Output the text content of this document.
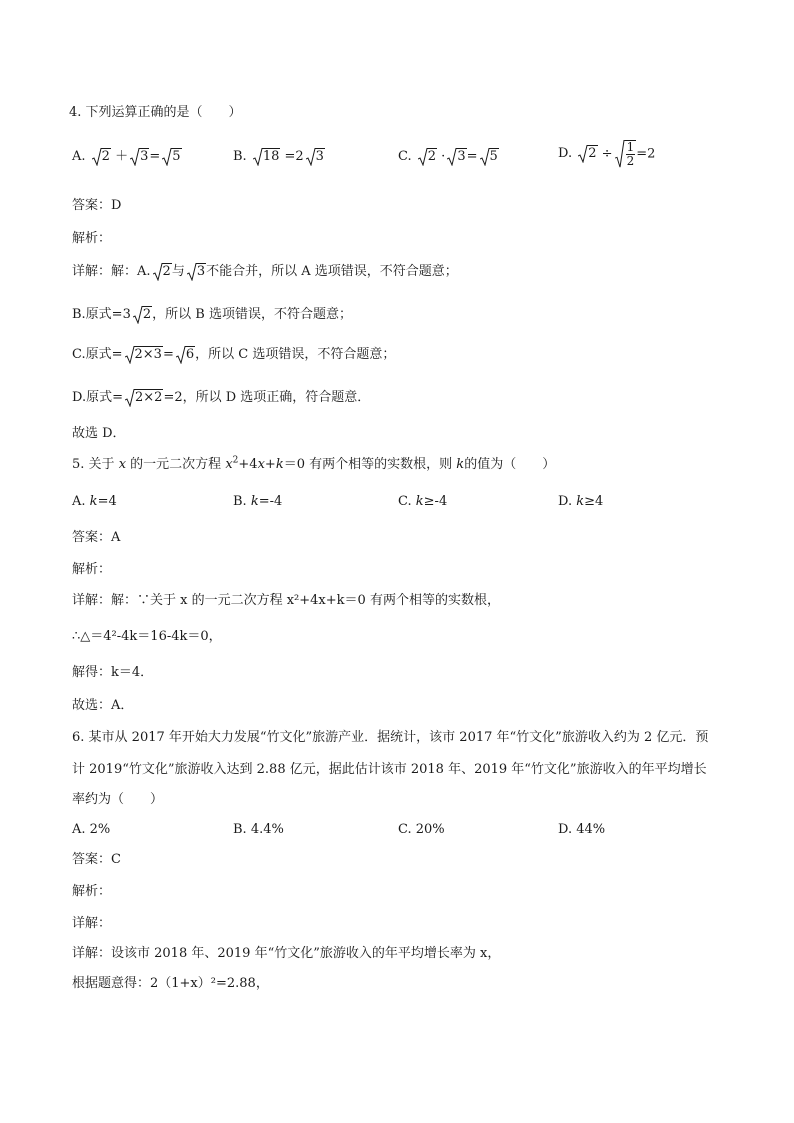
4. 下列运算正确的是（　　）
A. 2 ＋ 3= 5	B. 18 =2 3	C. 2 · 3= 5	D. $2 \div \frac{1}{2} =2$
答案：D
解析：
详解：解：A. 2与 3不能合并，所以 A 选项错误，不符合题意；
B.原式=3 2，所以 B 选项错误，不符合题意；
C.原式= 2×3= 6，所以 C 选项错误，不符合题意；
D.原式= 2×2=2，所以 D 选项正确，符合题意．
故选 D．
5. 关于 x 的一元二次方程 $x^2+4x+k=0$ 有两个相等的实数根，则 k的值为（　　）
A. k=4	B. k=-4	C. k≥-4	D. k≥4
答案：A
解析：
详解：解：∵关于 x 的一元二次方程 x²+4x+k＝0 有两个相等的实数根，
∴△＝4²-4k＝16-4k＝0，
解得：k＝4．
故选：A．
6. 某市从 2017 年开始大力发展“竹文化”旅游产业．据统计，该市 2017 年“竹文化”旅游收入约为 2 亿元．预
计 2019“竹文化”旅游收入达到 2.88 亿元，据此估计该市 2018 年、2019 年“竹文化”旅游收入的年平均增长
率约为（　　）
A. 2%	B. 4.4%	C. 20%	D. 44%
答案：C
解析：
详解：
详解：设该市 2018 年、2019 年“竹文化”旅游收入的年平均增长率为 x，
根据题意得：2（1+x）²=2.88，
